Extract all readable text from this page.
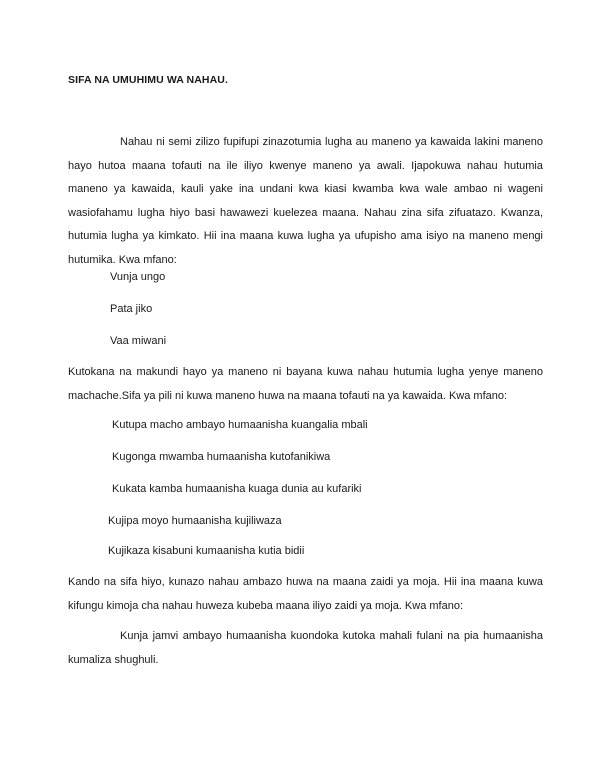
SIFA NA UMUHIMU WA NAHAU.

Nahau ni semi zilizo fupifupi zinazotumia lugha au maneno ya kawaida lakini maneno hayo hutoa maana tofauti na ile iliyo kwenye maneno ya awali. Ijapokuwa nahau hutumia maneno ya kawaida, kauli yake ina undani kwa kiasi kwamba kwa wale ambao ni wageni wasiofahamu lugha hiyo basi hawawezi kuelezea maana. Nahau zina sifa zifuatazo. Kwanza, hutumia lugha ya kimkato. Hii ina maana kuwa lugha ya ufupisho ama isiyo na maneno mengi hutumika. Kwa mfano:

Vunja ungo

Pata jiko

Vaa miwani

Kutokana na makundi hayo ya maneno ni bayana kuwa nahau hutumia lugha yenye maneno machache.Sifa ya pili ni kuwa maneno huwa na maana tofauti na ya kawaida. Kwa mfano:

Kutupa macho ambayo humaanisha kuangalia mbali

Kugonga mwamba humaanisha kutofanikiwa

Kukata kamba humaanisha kuaga dunia au kufariki

Kujipa moyo humaanisha kujiliwaza

Kujikaza kisabuni kumaanisha kutia bidii

Kando na sifa hiyo, kunazo nahau ambazo huwa na maana zaidi ya moja. Hii ina maana kuwa kifungu kimoja cha nahau huweza kubeba maana iliyo zaidi ya moja. Kwa mfano:

Kunja jamvi ambayo humaanisha kuondoka kutoka mahali fulani na pia humaanisha kumaliza shughuli.
